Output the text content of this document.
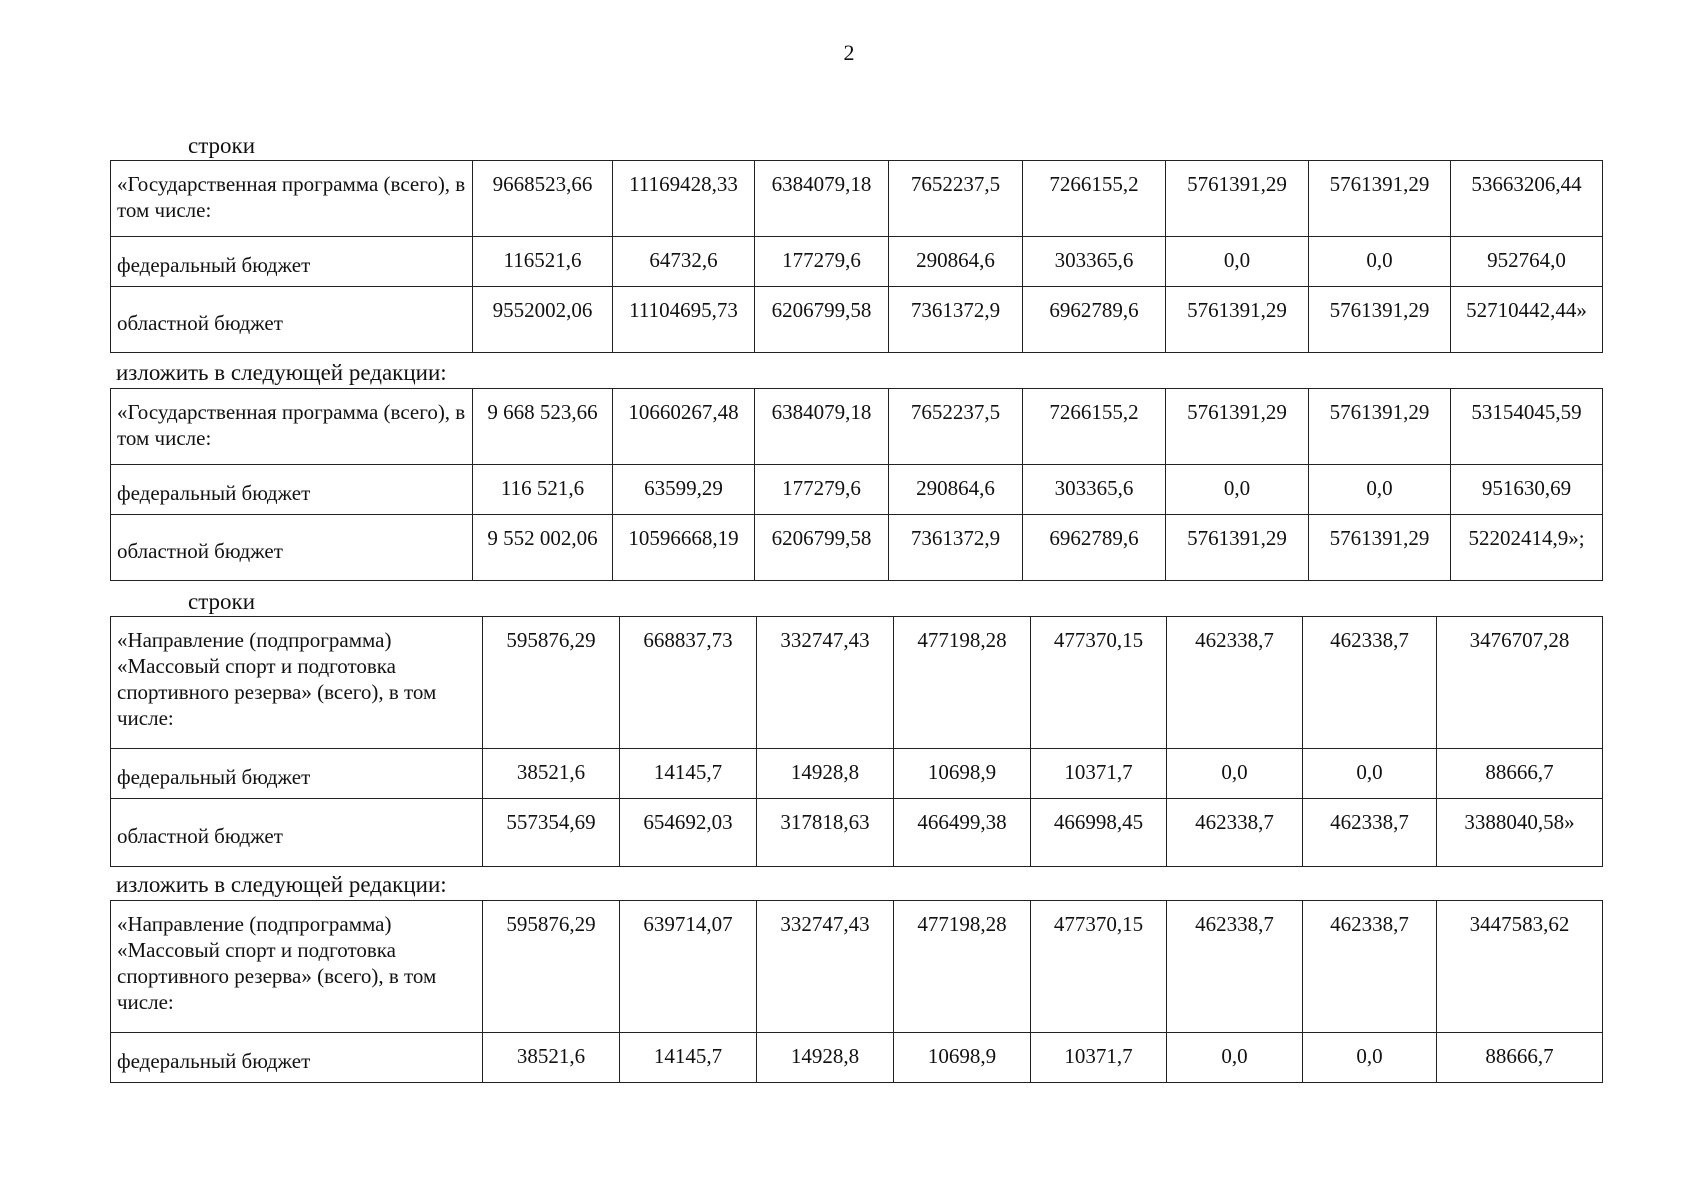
2
строки
«Государственная программа (всего), в том числе:	9668523,66	11169428,33	6384079,18	7652237,5	7266155,2	5761391,29	5761391,29	53663206,44
федеральный бюджет	116521,6	64732,6	177279,6	290864,6	303365,6	0,0	0,0	952764,0
областной бюджет	9552002,06	11104695,73	6206799,58	7361372,9	6962789,6	5761391,29	5761391,29	52710442,44»
изложить в следующей редакции:
«Государственная программа (всего), в том числе:	9 668 523,66	10660267,48	6384079,18	7652237,5	7266155,2	5761391,29	5761391,29	53154045,59
федеральный бюджет	116 521,6	63599,29	177279,6	290864,6	303365,6	0,0	0,0	951630,69
областной бюджет	9 552 002,06	10596668,19	6206799,58	7361372,9	6962789,6	5761391,29	5761391,29	52202414,9»;
строки
«Направление (подпрограмма) «Массовый спорт и подготовка спортивного резерва» (всего), в том числе:	595876,29	668837,73	332747,43	477198,28	477370,15	462338,7	462338,7	3476707,28
федеральный бюджет	38521,6	14145,7	14928,8	10698,9	10371,7	0,0	0,0	88666,7
областной бюджет	557354,69	654692,03	317818,63	466499,38	466998,45	462338,7	462338,7	3388040,58»
изложить в следующей редакции:
«Направление (подпрограмма) «Массовый спорт и подготовка спортивного резерва» (всего), в том числе:	595876,29	639714,07	332747,43	477198,28	477370,15	462338,7	462338,7	3447583,62
федеральный бюджет	38521,6	14145,7	14928,8	10698,9	10371,7	0,0	0,0	88666,7
